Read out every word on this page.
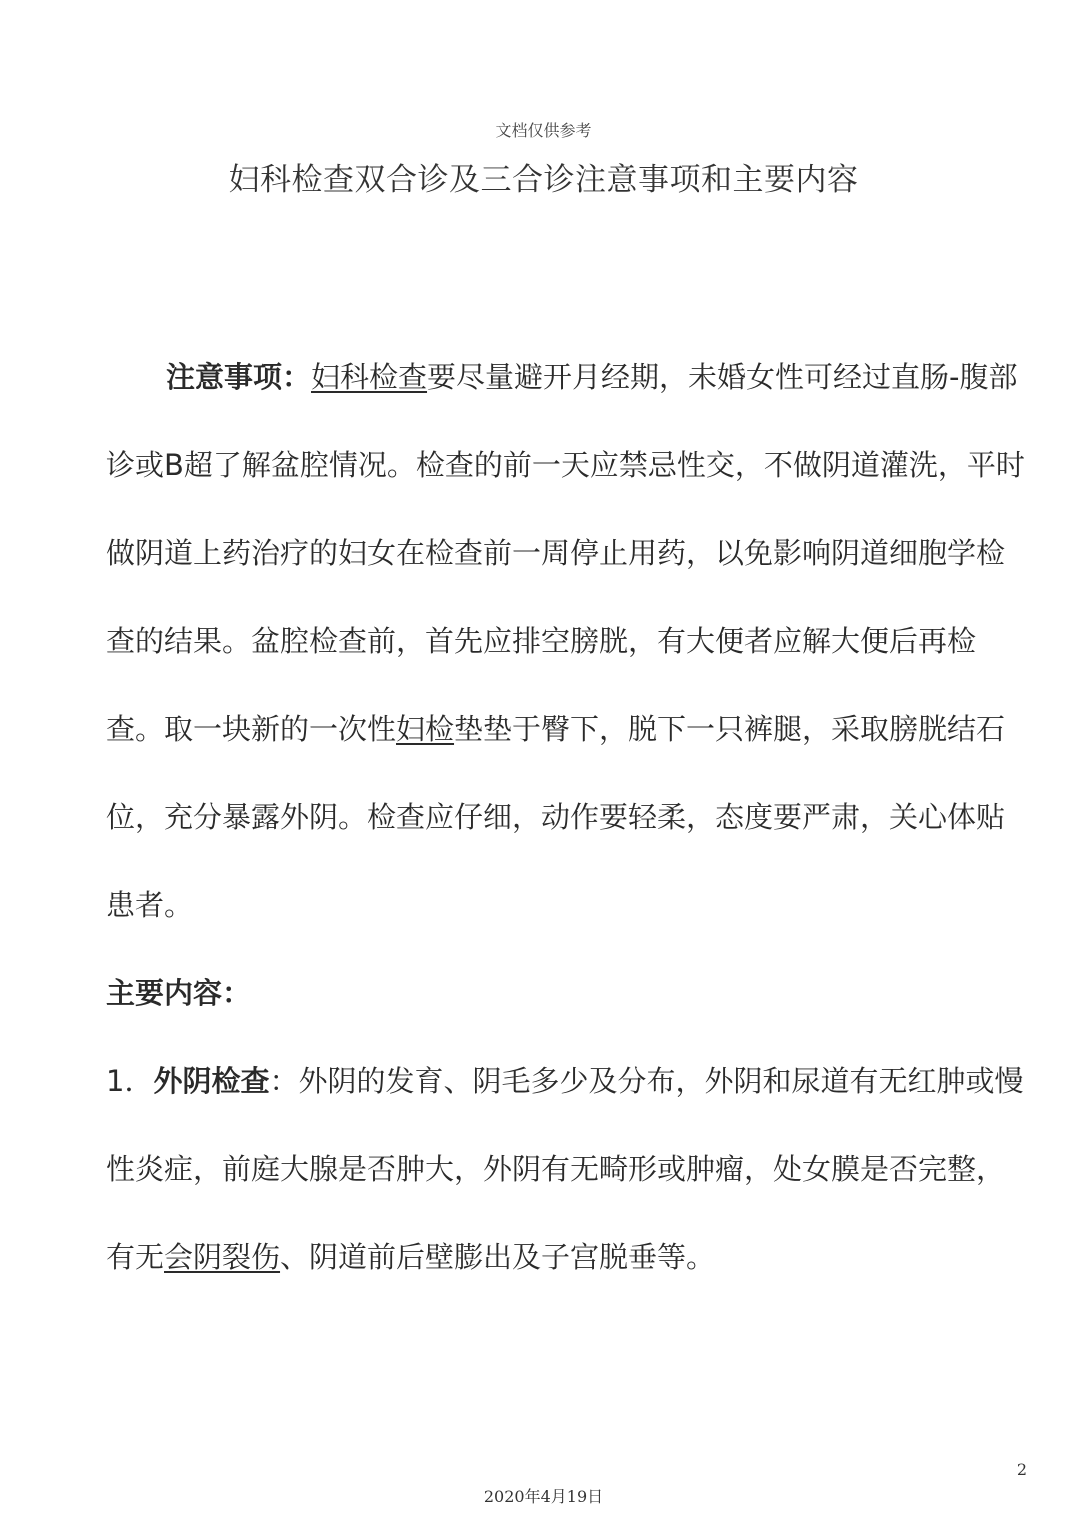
文档仅供参考
妇科检查双合诊及三合诊注意事项和主要内容

注意事项：妇科检查要尽量避开月经期，未婚女性可经过直肠-腹部诊或B超了解盆腔情况。检查的前一天应禁忌性交，不做阴道灌洗，平时做阴道上药治疗的妇女在检查前一周停止用药，以免影响阴道细胞学检查的结果。盆腔检查前，首先应排空膀胱，有大便者应解大便后再检查。取一块新的一次性妇检垫垫于臀下，脱下一只裤腿，采取膀胱结石位，充分暴露外阴。检查应仔细，动作要轻柔，态度要严肃，关心体贴患者。

主要内容：

1．外阴检查：外阴的发育、阴毛多少及分布，外阴和尿道有无红肿或慢性炎症，前庭大腺是否肿大，外阴有无畸形或肿瘤，处女膜是否完整，有无会阴裂伤、阴道前后壁膨出及子宫脱垂等。

2
2020年4月19日
